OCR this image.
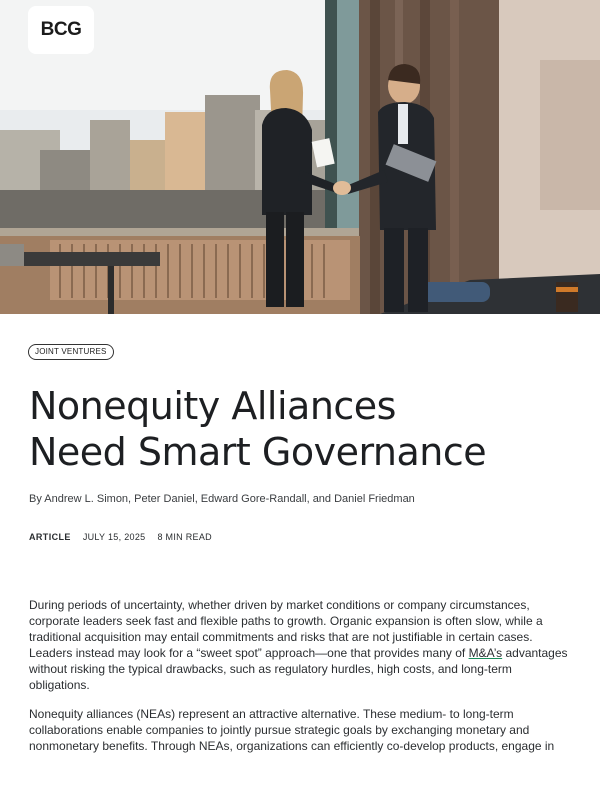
BCG
JOINT VENTURES
Nonequity Alliances
Need Smart Governance
By Andrew L. Simon, Peter Daniel, Edward Gore-Randall, and Daniel Friedman
ARTICLE JULY 15, 2025 8 MIN READ

During periods of uncertainty, whether driven by market conditions or company circumstances, corporate leaders seek fast and flexible paths to growth. Organic expansion is often slow, while a traditional acquisition may entail commitments and risks that are not justifiable in certain cases. Leaders instead may look for a “sweet spot” approach—one that provides many of M&A’s advantages without risking the typical drawbacks, such as regulatory hurdles, high costs, and long-term obligations.

Nonequity alliances (NEAs) represent an attractive alternative. These medium- to long-term collaborations enable companies to jointly pursue strategic goals by exchanging monetary and nonmonetary benefits. Through NEAs, organizations can efficiently co-develop products, engage in
